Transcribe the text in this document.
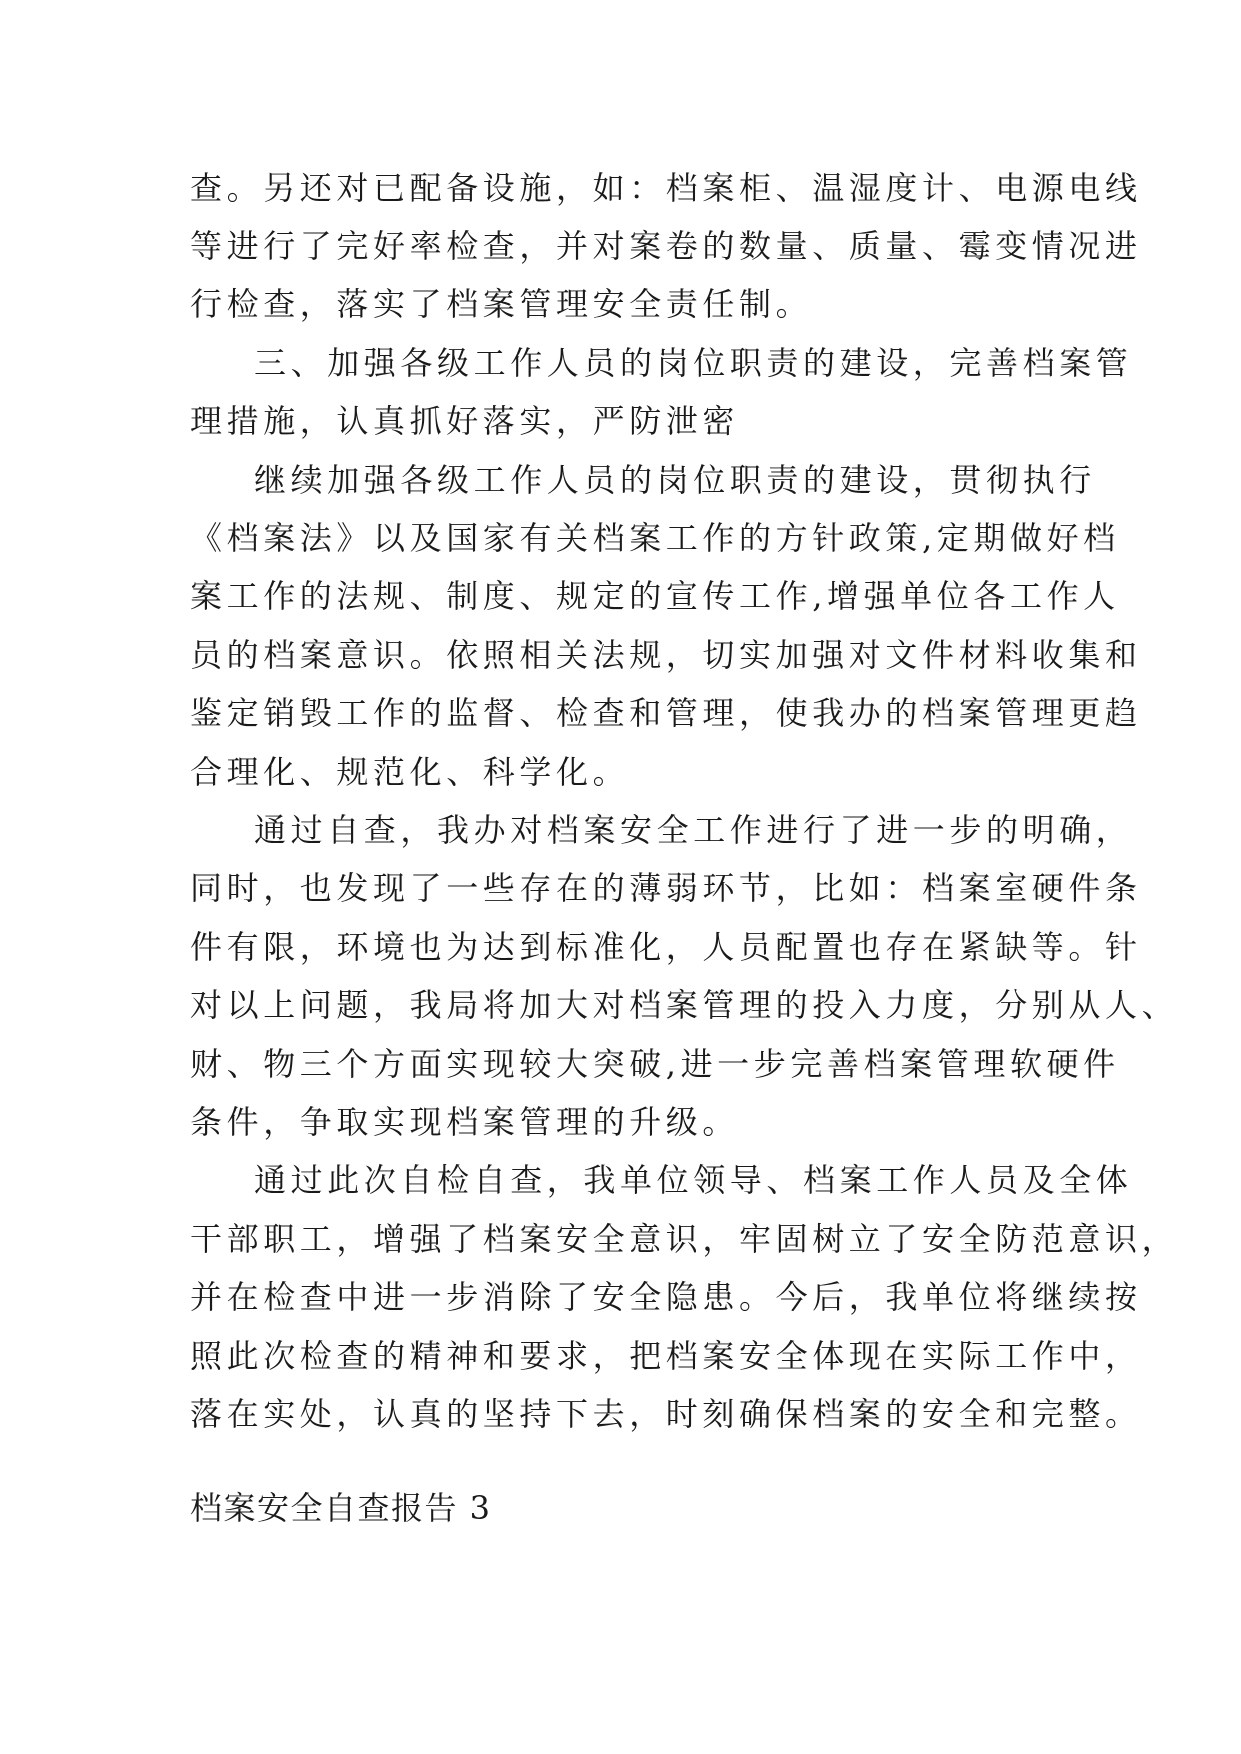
查。另还对已配备设施，如：档案柜、温湿度计、电源电线
等进行了完好率检查，并对案卷的数量、质量、霉变情况进
行检查，落实了档案管理安全责任制。
三、加强各级工作人员的岗位职责的建设，完善档案管
理措施，认真抓好落实，严防泄密
继续加强各级工作人员的岗位职责的建设，贯彻执行
《档案法》以及国家有关档案工作的方针政策,定期做好档
案工作的法规、制度、规定的宣传工作,增强单位各工作人
员的档案意识。依照相关法规，切实加强对文件材料收集和
鉴定销毁工作的监督、检查和管理，使我办的档案管理更趋
合理化、规范化、科学化。
通过自查，我办对档案安全工作进行了进一步的明确，
同时，也发现了一些存在的薄弱环节，比如：档案室硬件条
件有限，环境也为达到标准化，人员配置也存在紧缺等。针
对以上问题，我局将加大对档案管理的投入力度，分别从人、
财、物三个方面实现较大突破,进一步完善档案管理软硬件
条件，争取实现档案管理的升级。
通过此次自检自查，我单位领导、档案工作人员及全体
干部职工，增强了档案安全意识，牢固树立了安全防范意识，
并在检查中进一步消除了安全隐患。今后，我单位将继续按
照此次检查的精神和要求，把档案安全体现在实际工作中，
落在实处，认真的坚持下去，时刻确保档案的安全和完整。
档案安全自查报告 3
